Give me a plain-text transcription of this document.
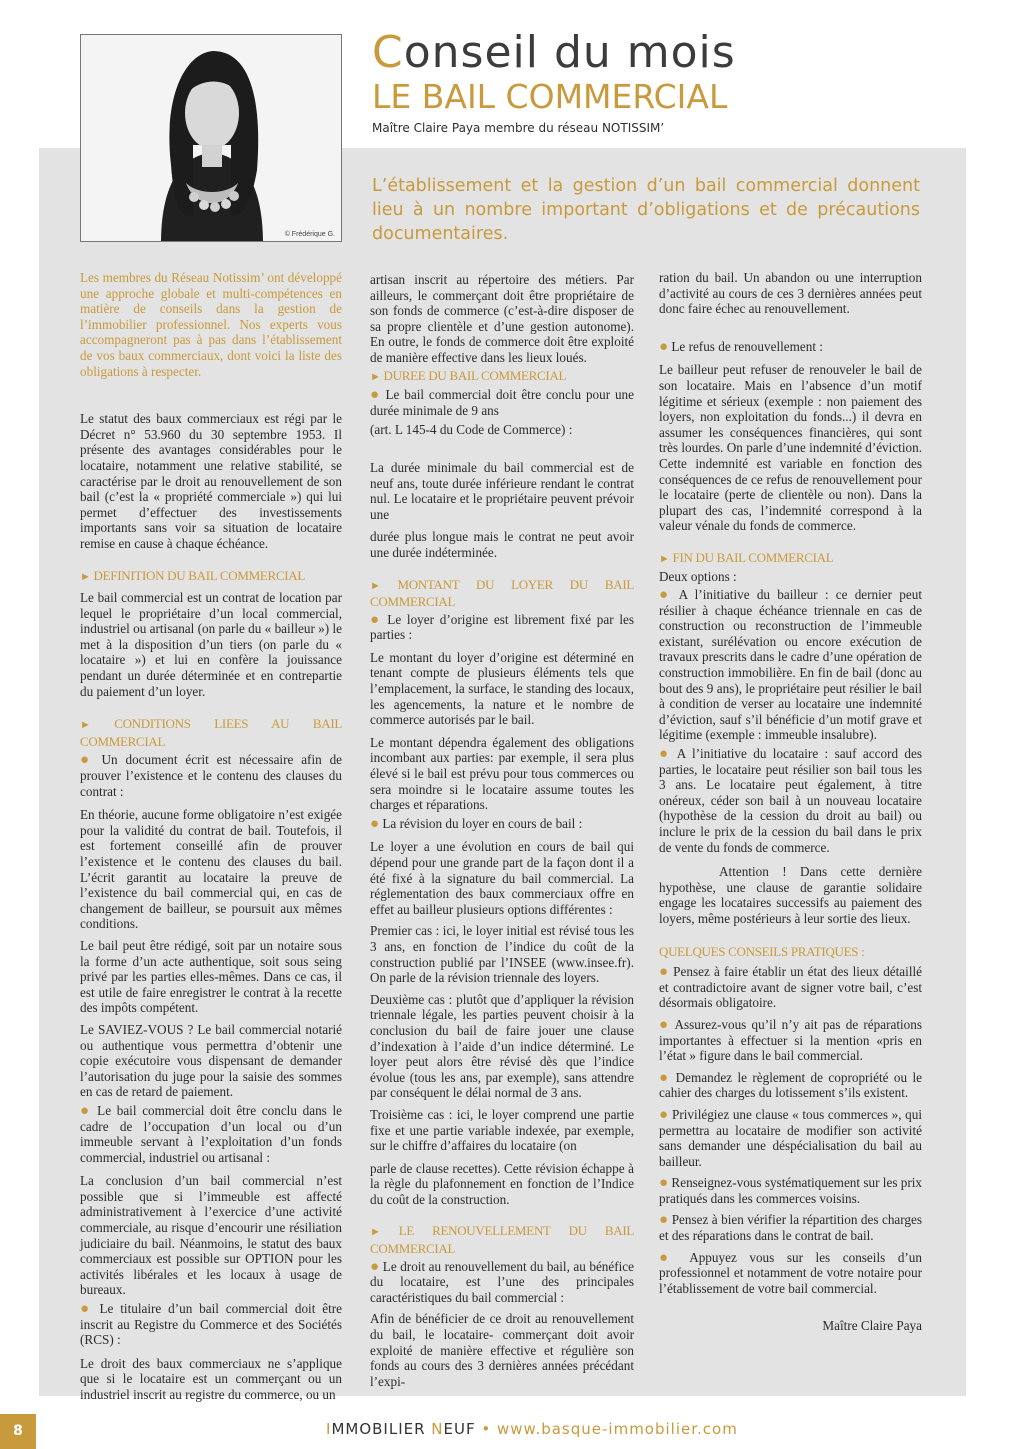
© Frédérique G.
Conseil du mois
LE BAIL COMMERCIAL
Maître Claire Paya membre du réseau NOTISSIM’
L’établissement et la gestion d’un bail commercial donnent lieu à un nombre important d’obligations et de précautions documentaires.

Les membres du Réseau Notissim’ ont développé une approche globale et multi-compétences en matière de conseils dans la gestion de l’immobilier professionnel. Nos experts vous accompagneront pas à pas dans l’établissement de vos baux commerciaux, dont voici la liste des obligations à respecter.

Le statut des baux commerciaux est régi par le Décret n° 53.960 du 30 septembre 1953. Il présente des avantages considérables pour le locataire, notamment une relative stabilité, se caractérise par le droit au renouvellement de son bail (c’est la « propriété commerciale ») qui lui permet d’effectuer des investissements importants sans voir sa situation de locataire remise en cause à chaque échéance.

► DEFINITION DU BAIL COMMERCIAL

Le bail commercial est un contrat de location par lequel le propriétaire d’un local commercial, industriel ou artisanal (on parle du « bailleur ») le met à la disposition d’un tiers (on parle du « locataire ») et lui en confère la jouissance pendant un durée déterminée et en contrepartie du paiement d’un loyer.

► CONDITIONS LIEES AU BAIL COMMERCIAL

● Un document écrit est nécessaire afin de prouver l’existence et le contenu des clauses du contrat :

En théorie, aucune forme obligatoire n’est exigée pour la validité du contrat de bail. Toutefois, il est fortement conseillé afin de prouver l’existence et le contenu des clauses du bail. L’écrit garantit au locataire la preuve de l’existence du bail commercial qui, en cas de changement de bailleur, se poursuit aux mêmes conditions.

Le bail peut être rédigé, soit par un notaire sous la forme d’un acte authentique, soit sous seing privé par les parties elles-mêmes. Dans ce cas, il est utile de faire enregistrer le contrat à la recette des impôts compétent.

Le SAVIEZ-VOUS ? Le bail commercial notarié ou authentique vous permettra d’obtenir une copie exécutoire vous dispensant de demander l’autorisation du juge pour la saisie des sommes en cas de retard de paiement.

● Le bail commercial doit être conclu dans le cadre de l’occupation d’un local ou d’un immeuble servant à l’exploitation d’un fonds commercial, industriel ou artisanal :

La conclusion d’un bail commercial n’est possible que si l’immeuble est affecté administrativement à l’exercice d’une activité commerciale, au risque d’encourir une résiliation judiciaire du bail. Néanmoins, le statut des baux commerciaux est possible sur OPTION pour les activités libérales et les locaux à usage de bureaux.

● Le titulaire d’un bail commercial doit être inscrit au Registre du Commerce et des Sociétés (RCS) :

Le droit des baux commerciaux ne s’applique que si le locataire est un commerçant ou un industriel inscrit au registre du commerce, ou un

artisan inscrit au répertoire des métiers. Par ailleurs, le commerçant doit être propriétaire de son fonds de commerce (c’est-à-dire disposer de sa propre clientèle et d’une gestion autonome). En outre, le fonds de commerce doit être exploité de manière effective dans les lieux loués.

► DUREE DU BAIL COMMERCIAL

● Le bail commercial doit être conclu pour une durée minimale de 9 ans

(art. L 145-4 du Code de Commerce) :

La durée minimale du bail commercial est de neuf ans, toute durée inférieure rendant le contrat nul. Le locataire et le propriétaire peuvent prévoir une

durée plus longue mais le contrat ne peut avoir une durée indéterminée.

► MONTANT DU LOYER DU BAIL COMMERCIAL

● Le loyer d’origine est librement fixé par les parties :

Le montant du loyer d’origine est déterminé en tenant compte de plusieurs éléments tels que l’emplacement, la surface, le standing des locaux, les agencements, la nature et le nombre de commerce autorisés par le bail.

Le montant dépendra également des obligations incombant aux parties: par exemple, il sera plus élevé si le bail est prévu pour tous commerces ou sera moindre si le locataire assume toutes les charges et réparations.

● La révision du loyer en cours de bail :

Le loyer a une évolution en cours de bail qui dépend pour une grande part de la façon dont il a été fixé à la signature du bail commercial. La réglementation des baux commerciaux offre en effet au bailleur plusieurs options différentes :

Premier cas : ici, le loyer initial est révisé tous les 3 ans, en fonction de l’indice du coût de la construction publié par l’INSEE (www.insee.fr). On parle de la révision triennale des loyers.

Deuxième cas : plutôt que d’appliquer la révision triennale légale, les parties peuvent choisir à la conclusion du bail de faire jouer une clause d’indexation à l’aide d’un indice déterminé. Le loyer peut alors être révisé dès que l’indice évolue (tous les ans, par exemple), sans attendre par conséquent le délai normal de 3 ans.

Troisième cas : ici, le loyer comprend une partie fixe et une partie variable indexée, par exemple, sur le chiffre d’affaires du locataire (on

parle de clause recettes). Cette révision échappe à la règle du plafonnement en fonction de l’Indice du coût de la construction.

► LE RENOUVELLEMENT DU BAIL COMMERCIAL

● Le droit au renouvellement du bail, au bénéfice du locataire, est l’une des principales caractéristiques du bail commercial :

Afin de bénéficier de ce droit au renouvellement du bail, le locataire- commerçant doit avoir exploité de manière effective et régulière son fonds au cours des 3 dernières années précédant l’expi-

ration du bail. Un abandon ou une interruption d’activité au cours de ces 3 dernières années peut donc faire échec au renouvellement.

● Le refus de renouvellement :

Le bailleur peut refuser de renouveler le bail de son locataire. Mais en l’absence d’un motif légitime et sérieux (exemple : non paiement des loyers, non exploitation du fonds...) il devra en assumer les conséquences financières, qui sont très lourdes. On parle d’une indemnité d’éviction. Cette indemnité est variable en fonction des conséquences de ce refus de renouvellement pour le locataire (perte de clientèle ou non). Dans la plupart des cas, l’indemnité correspond à la valeur vénale du fonds de commerce.

► FIN DU BAIL COMMERCIAL

Deux options :

● A l’initiative du bailleur : ce dernier peut résilier à chaque échéance triennale en cas de construction ou reconstruction de l’immeuble existant, surélévation ou encore exécution de travaux prescrits dans le cadre d’une opération de construction immobilière. En fin de bail (donc au bout des 9 ans), le propriétaire peut résilier le bail à condition de verser au locataire une indemnité d’éviction, sauf s’il bénéficie d’un motif grave et légitime (exemple : immeuble insalubre).

● A l’initiative du locataire : sauf accord des parties, le locataire peut résilier son bail tous les 3 ans. Le locataire peut également, à titre onéreux, céder son bail à un nouveau locataire (hypothèse de la cession du droit au bail) ou inclure le prix de la cession du bail dans le prix de vente du fonds de commerce.

Attention ! Dans cette dernière hypothèse, une clause de garantie solidaire engage les locataires successifs au paiement des loyers, même postérieurs à leur sortie des lieux.

QUELQUES CONSEILS PRATIQUES :

● Pensez à faire établir un état des lieux détaillé et contradictoire avant de signer votre bail, c’est désormais obligatoire.

● Assurez-vous qu’il n’y ait pas de réparations importantes à effectuer si la mention «pris en l’état » figure dans le bail commercial.

● Demandez le règlement de copropriété ou le cahier des charges du lotissement s’ils existent.

● Privilégiez une clause « tous commerces », qui permettra au locataire de modifier son activité sans demander une déspécialisation du bail au bailleur.

● Renseignez-vous systématiquement sur les prix pratiqués dans les commerces voisins.

● Pensez à bien vérifier la répartition des charges et des réparations dans le contrat de bail.

● Appuyez vous sur les conseils d’un professionnel et notamment de votre notaire pour l’établissement de votre bail commercial.

Maître Claire Paya

8	IMMOBILIER NEUF • www.basque-immobilier.com
